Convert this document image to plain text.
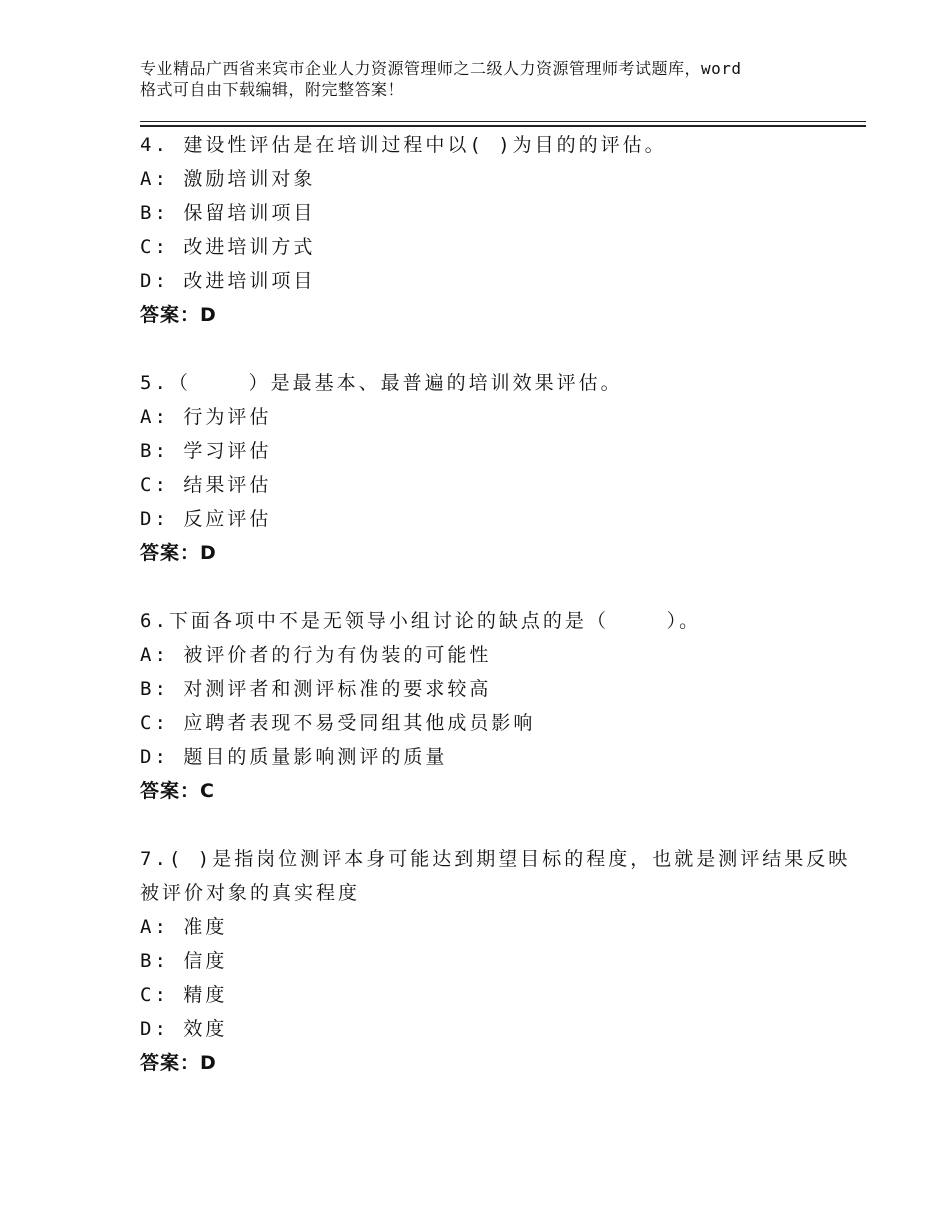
专业精品广西省来宾市企业人力资源管理师之二级人力资源管理师考试题库，word
格式可自由下载编辑，附完整答案！
4. 建设性评估是在培训过程中以( )为目的的评估。
A: 激励培训对象
B: 保留培训项目
C: 改进培训方式
D: 改进培训项目
答案：D
5.（    ）是最基本、最普遍的培训效果评估。
A: 行为评估
B: 学习评估
C: 结果评估
D: 反应评估
答案：D
6.下面各项中不是无领导小组讨论的缺点的是（    ）。
A: 被评价者的行为有伪装的可能性
B: 对测评者和测评标准的要求较高
C: 应聘者表现不易受同组其他成员影响
D: 题目的质量影响测评的质量
答案：C
7.( )是指岗位测评本身可能达到期望目标的程度，也就是测评结果反映被评价对象的真实程度
A: 准度
B: 信度
C: 精度
D: 效度
答案：D
